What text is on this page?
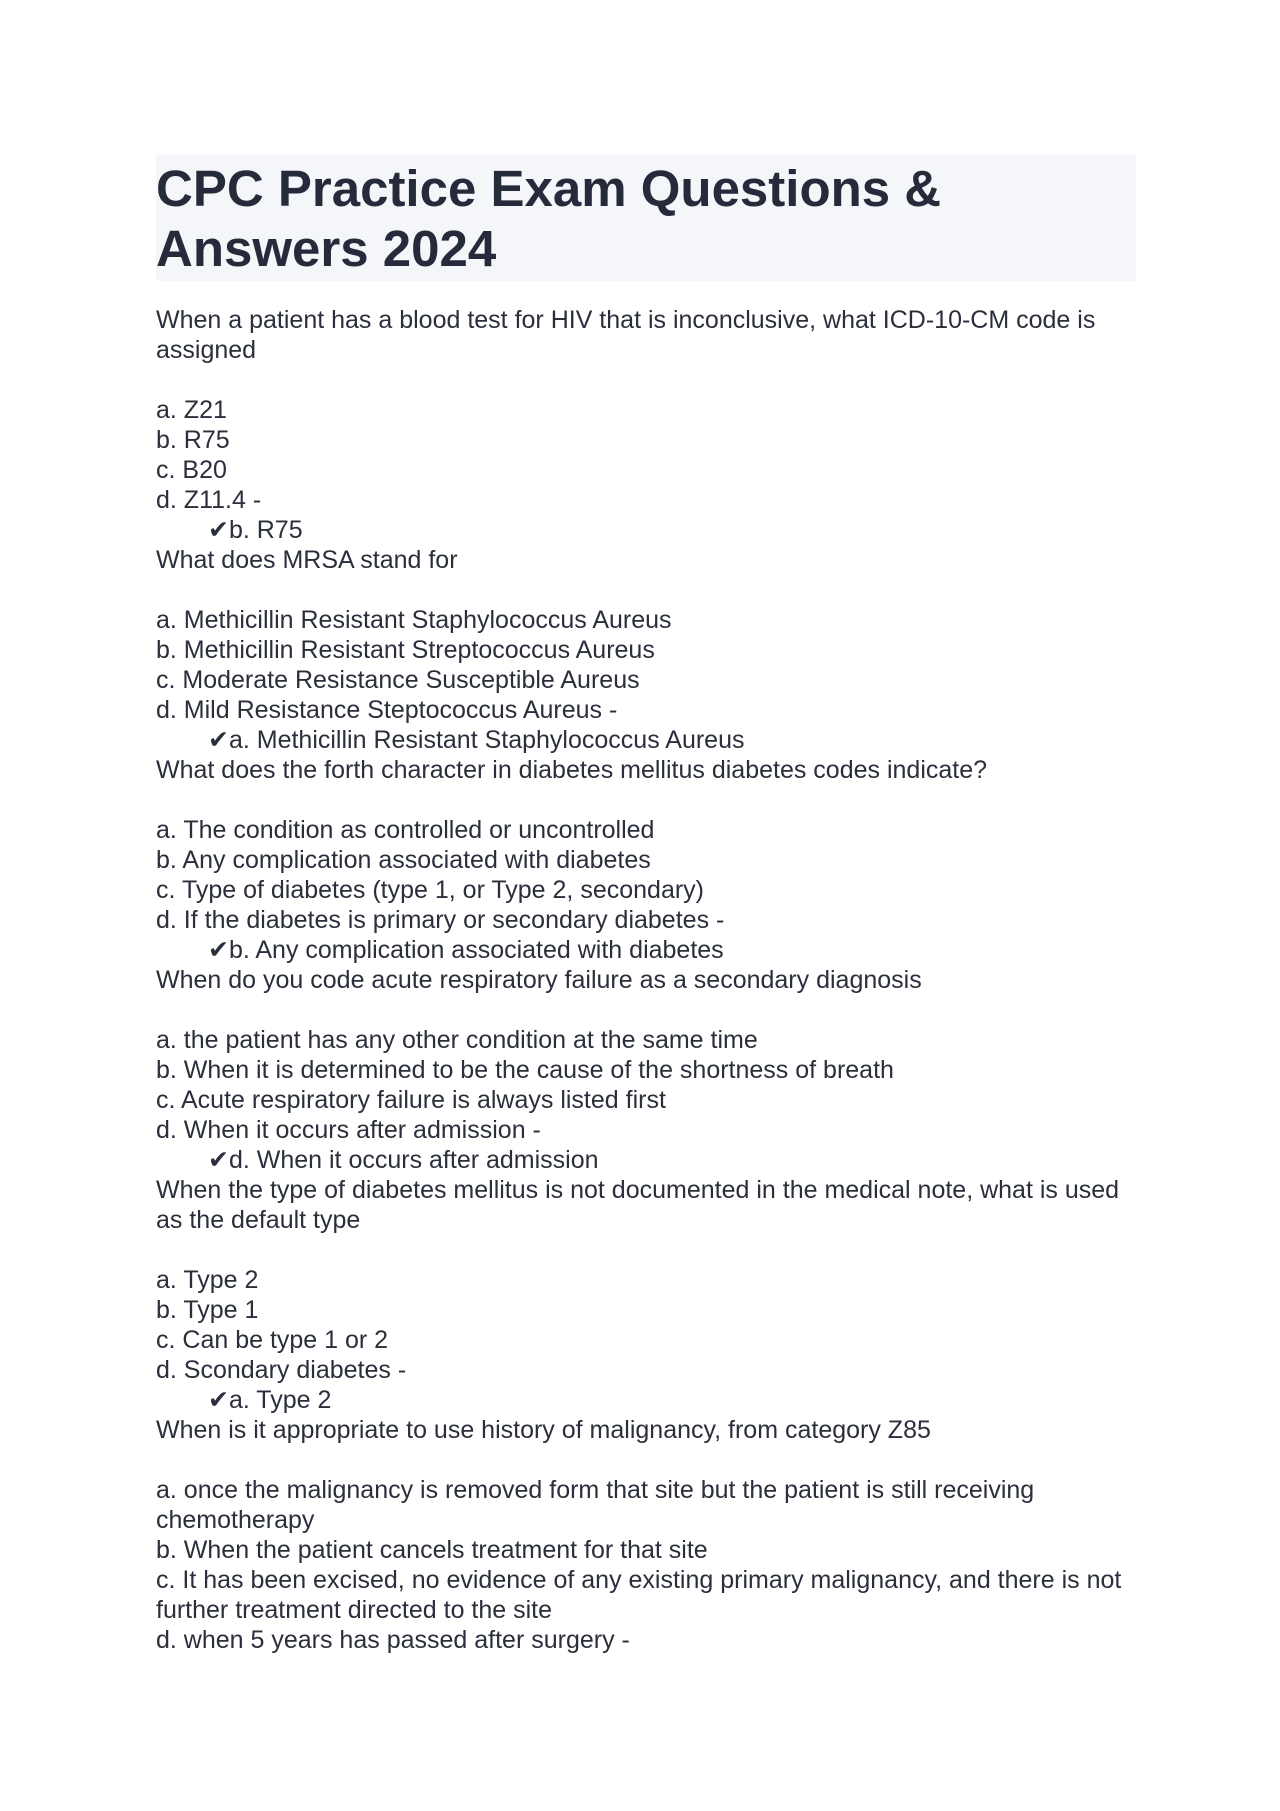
CPC Practice Exam Questions & Answers 2024

When a patient has a blood test for HIV that is inconclusive, what ICD-10-CM code is assigned

a. Z21

b. R75

c. B20

d. Z11.4 -

✔b. R75

What does MRSA stand for

a. Methicillin Resistant Staphylococcus Aureus

b. Methicillin Resistant Streptococcus Aureus

c. Moderate Resistance Susceptible Aureus

d. Mild Resistance Steptococcus Aureus -

✔a. Methicillin Resistant Staphylococcus Aureus

What does the forth character in diabetes mellitus diabetes codes indicate?

a. The condition as controlled or uncontrolled

b. Any complication associated with diabetes

c. Type of diabetes (type 1, or Type 2, secondary)

d. If the diabetes is primary or secondary diabetes -

✔b. Any complication associated with diabetes

When do you code acute respiratory failure as a secondary diagnosis

a. the patient has any other condition at the same time

b. When it is determined to be the cause of the shortness of breath

c. Acute respiratory failure is always listed first

d. When it occurs after admission -

✔d. When it occurs after admission

When the type of diabetes mellitus is not documented in the medical note, what is used as the default type

a. Type 2

b. Type 1

c. Can be type 1 or 2

d. Scondary diabetes -

✔a. Type 2

When is it appropriate to use history of malignancy, from category Z85

a. once the malignancy is removed form that site but the patient is still receiving chemotherapy

b. When the patient cancels treatment for that site

c. It has been excised, no evidence of any existing primary malignancy, and there is not further treatment directed to the site

d. when 5 years has passed after surgery -
